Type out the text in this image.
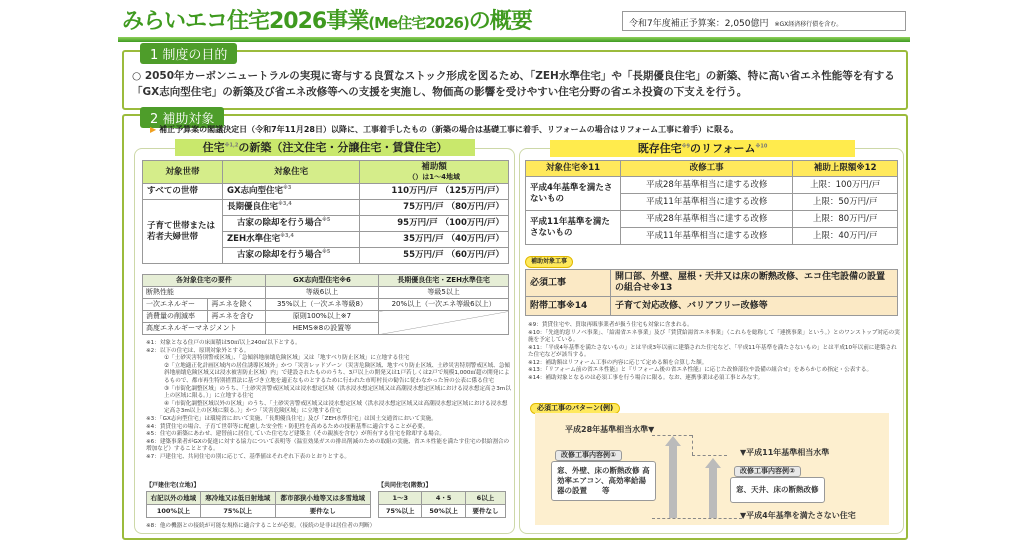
みらいエコ住宅2026事業(Me住宅2026)の概要	令和7年度補正予算案：2,050億円 ※GX経済移行債を含む。
1 制度の目的
○ 2050年カーボンニュートラルの実現に寄与する良質なストック形成を図るため、「ZEH水準住宅」や「長期優良住宅」の新築、特に高い省エネ性能等を有する「GX志向型住宅」の新築及び省エネ改修等への支援を実施し、物価高の影響を受けやすい住宅分野の省エネ投資の下支えを行う。
2 補助対象
▶ 補正予算案の閣議決定日（令和7年11月28日）以降に、工事着手したもの（新築の場合は基礎工事に着手、リフォームの場合はリフォーム工事に着手）に限る。
住宅$^{※1,2}$の新築（注文住宅・分譲住宅・賃貸住宅）
対象世帯	対象住宅	補助額
（）は1～4地域
すべての世帯	GX志向型住宅$^{※3}$	110万円/戸 （125万円/戸）
子育て世帯または若者夫婦世帯	長期優良住宅$^{※3,4}$	75万円/戸 （80万円/戸）
	古家の除却を行う場合$^{※5}$	95万円/戸 （100万円/戸）
	ZEH水準住宅$^{※3,4}$	35万円/戸 （40万円/戸）
	古家の除却を行う場合$^{※5}$	55万円/戸 （60万円/戸）
各対象住宅の要件		GX志向型住宅※6	長期優良住宅・ZEH水準住宅
断熱性能		等級6以上	等級5以上
一次エネルギー	再エネを除く	35%以上（一次エネ等級8）	20%以上（一次エネ等級6以上）
消費量の削減率	再エネを含む	原則100%以上※7	
高度エネルギーマネジメント		HEMS※8の設置等	
※1：対象となる住戸の床面積は50㎡以上240㎡以下とする。
※2：以下の住宅は、原則対象外とする。
①「土砂災害特別警戒区域」、「急傾斜地崩壊危険区域」又は「地すべり防止区域」に立地する住宅
②「立地適正化計画区域内の居住誘導区域外」かつ「災害レッドゾーン（災害危険区域、地すべり防止区域、土砂災害特別警戒区域、急傾斜地崩壊危険区域又は浸水被害防止区域）内」で建設されたもののうち、3戸以上の開発又は1戸若しくは2戸で規模1,000㎡超の開発によるもので、都市再生特別措置法に基づき立地を適正なものとするために行われた市町村長の勧告に従わなかった旨の公表に係る住宅
③「市街化調整区域」のうち、「土砂災害警戒区域又は浸水想定区域（洪水浸水想定区域又は高潮浸水想定区域における浸水想定高さ3m以上の区域に限る。）」に立地する住宅
④「市街化調整区域以外の区域」のうち、「土砂災害警戒区域又は浸水想定区域（洪水浸水想定区域又は高潮浸水想定区域における浸水想定高さ3m以上の区域に限る。）」かつ「災害危険区域」に立地する住宅
※3：「GX志向型住宅」は環境省において実施、「長期優良住宅」及び「ZEH水準住宅」は国土交通省において実施。
※4：賃貸住宅の場合、子育て世帯等に配慮した安全性・防犯性を高めるための技術基準に適合することが必要。
※5：住宅の新築にあわせ、建替前に居住していた住宅など建築主（その親族を含む）が所有する住宅を除却する場合。
※6：建築事業者がGXの促進に対する協力について表明等（温室効果ガスの排出削減のための取組の実施、省エネ性能を満たす住宅の供給割合の増加など）することとする。
※7：戸建住宅、共同住宅の別に応じて、基準値はそれぞれ下表のとおりとする。
【戸建住宅(立地)】	【共同住宅(階数)】
右記以外の地域	寒冷地又は低日射地域	都市部狭小地等又は多雪地域
100%以上	75%以上	要件なし
1～3	4・5	6以上
75%以上	50%以上	要件なし
※8：他の機器との接続が可能な規格に適合することが必要。（接続の是非は居住者の判断）
既存住宅$^{※9}$のリフォーム$^{※10}$
対象住宅※11	改修工事	補助上限額※12
平成4年基準を満たさないもの	平成28年基準相当に達する改修	上限：100万円/戸
	平成11年基準相当に達する改修	上限：50万円/戸
平成11年基準を満たさないもの	平成28年基準相当に達する改修	上限：80万円/戸
	平成11年基準相当に達する改修	上限：40万円/戸
補助対象工事
必須工事	開口部、外壁、屋根・天井又は床の断熱改修、エコ住宅設備の設置の組合せ※13
附帯工事※14	子育て対応改修、バリアフリー改修等
※9：賃貸住宅や、買取再販事業者が扱う住宅も対象に含まれる。
※10：「先進的窓リノベ事業」、「給湯省エネ事業」及び「賃貸給湯省エネ事業」（これらを総称して「連携事業」という。）とのワンストップ対応の実施を予定している。
※11：「平成4年基準を満たさないもの」とは平成3年以前に建築された住宅など、「平成11年基準を満たさないもの」とは平成10年以前に建築された住宅などが該当する。
※12：補助額はリフォーム工事の内容に応じて定める額を合算した額。
※13：『リフォーム前の省エネ性能』と『リフォーム後の省エネ性能』に応じた改修部位や設備の組合せ」をあらかじめ指定・公表する。
※14：補助対象となるのは必須工事を行う場合に限る。なお、連携事業は必須工事とみなす。
必須工事のパターン(例)
平成28年基準相当水準▼
▼平成11年基準相当水準
▼平成4年基準を満たさない住宅
改修工事内容例①
窓、外壁、床の断熱改修 高効率エアコン、高効率給湯器の設置　　等
改修工事内容例②
窓、天井、床の断熱改修
